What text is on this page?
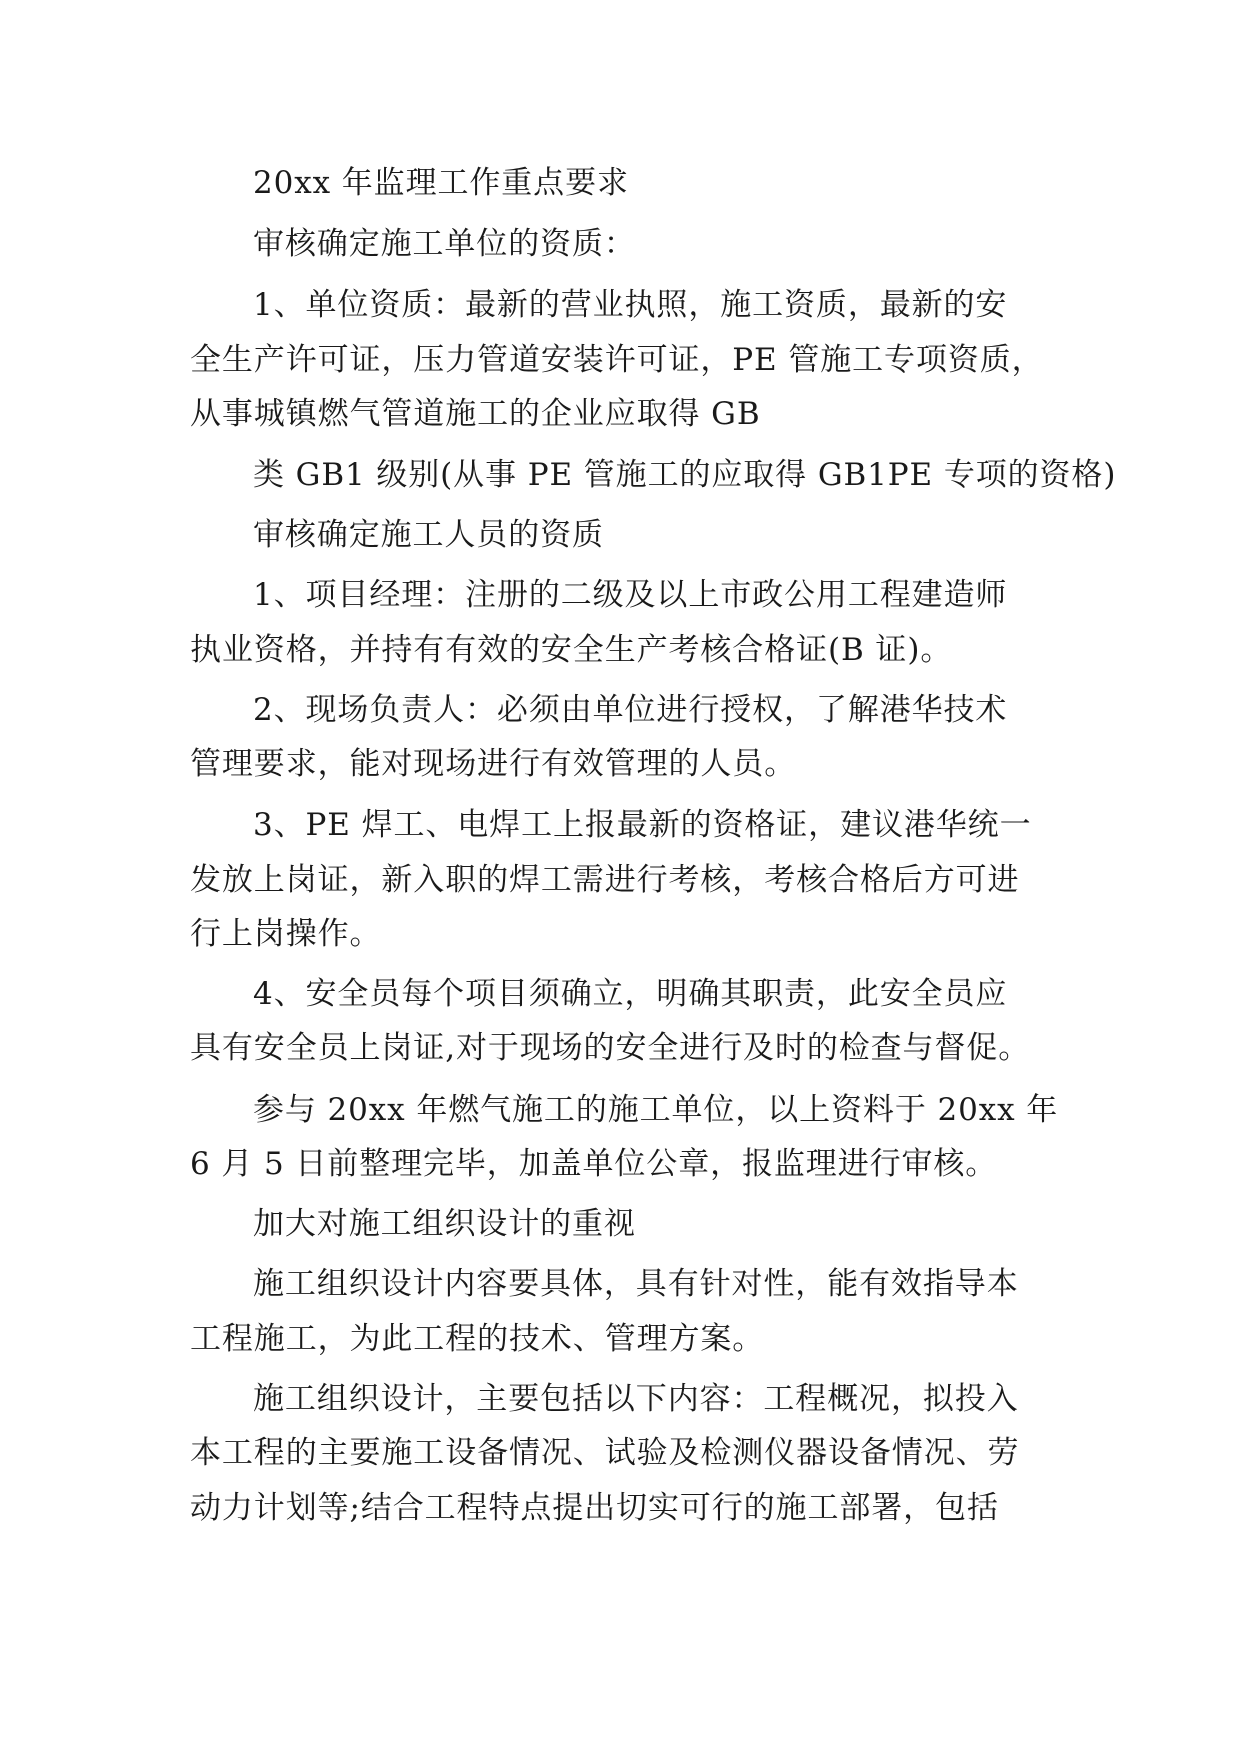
20xx 年监理工作重点要求
审核确定施工单位的资质：
1、单位资质：最新的营业执照，施工资质，最新的安
全生产许可证，压力管道安装许可证，PE 管施工专项资质，
从事城镇燃气管道施工的企业应取得 GB
类 GB1 级别(从事 PE 管施工的应取得 GB1PE 专项的资格)
审核确定施工人员的资质
1、项目经理：注册的二级及以上市政公用工程建造师
执业资格，并持有有效的安全生产考核合格证(B 证)。
2、现场负责人：必须由单位进行授权，了解港华技术
管理要求，能对现场进行有效管理的人员。
3、PE 焊工、电焊工上报最新的资格证，建议港华统一
发放上岗证，新入职的焊工需进行考核，考核合格后方可进
行上岗操作。
4、安全员每个项目须确立，明确其职责，此安全员应
具有安全员上岗证,对于现场的安全进行及时的检查与督促。
参与 20xx 年燃气施工的施工单位，以上资料于 20xx 年
6 月 5 日前整理完毕，加盖单位公章，报监理进行审核。
加大对施工组织设计的重视
施工组织设计内容要具体，具有针对性，能有效指导本
工程施工，为此工程的技术、管理方案。
施工组织设计，主要包括以下内容：工程概况，拟投入
本工程的主要施工设备情况、试验及检测仪器设备情况、劳
动力计划等;结合工程特点提出切实可行的施工部署，包括
